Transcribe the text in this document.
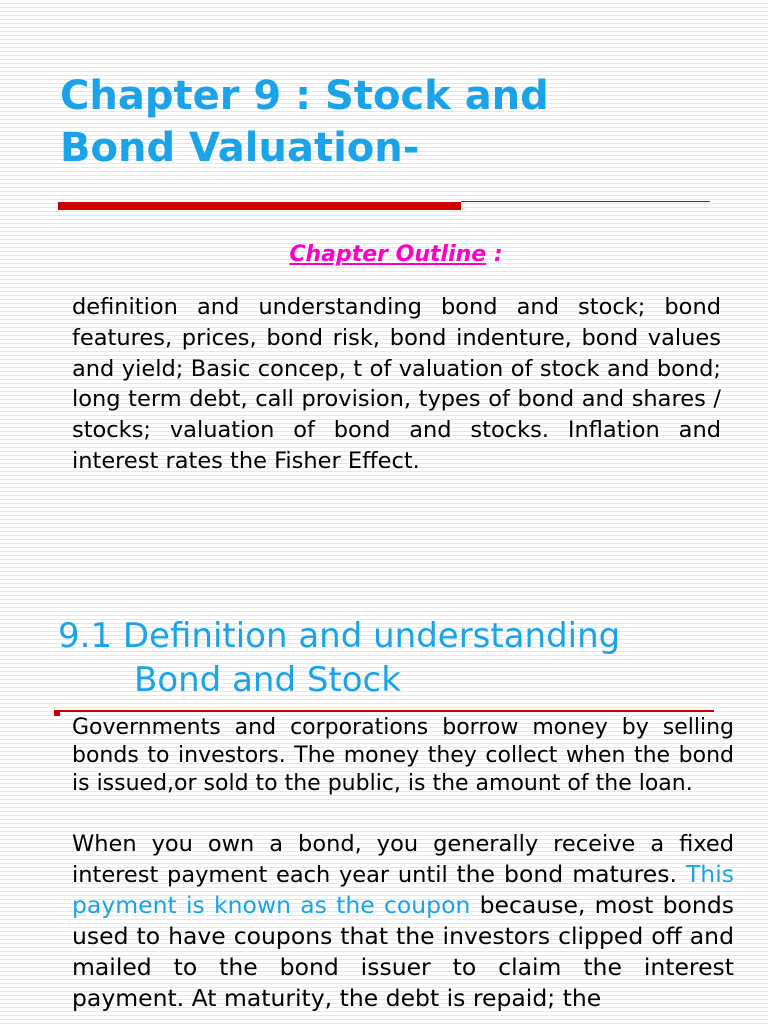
Chapter 9 : Stock and
Bond Valuation-
Chapter Outline :

definition and understanding bond and stock; bond features, prices, bond risk, bond indenture, bond values and yield; Basic concep, t of valuation of stock and bond; long term debt, call provision, types of bond and shares / stocks; valuation of bond and stocks. Inflation and interest rates the Fisher Effect.

9.1 Definition and understanding
Bond and Stock

Governments and corporations borrow money by selling bonds to investors. The money they collect when the bond is issued,or sold to the public, is the amount of the loan.

When you own a bond, you generally receive a fixed interest payment each year until the bond matures. This payment is known as the coupon because, most bonds used to have coupons that the investors clipped off and mailed to the bond issuer to claim the interest payment. At maturity, the debt is repaid; the
